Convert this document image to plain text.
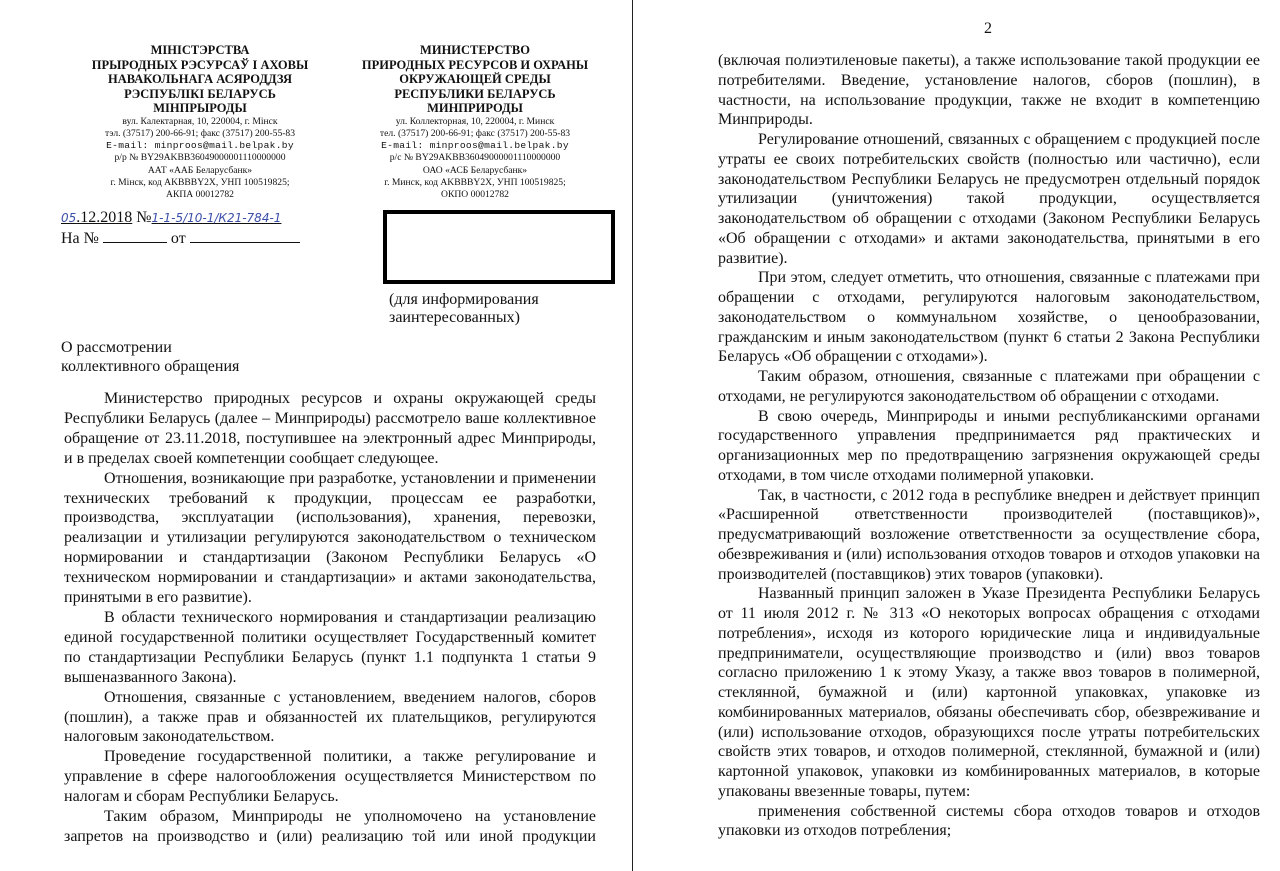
МІНІСТЭРСТВА
ПРЫРОДНЫХ РЭСУРСАЎ І АХОВЫ
НАВАКОЛЬНАГА АСЯРОДДЗЯ
РЭСПУБЛІКІ БЕЛАРУСЬ
МІНПРЫРОДЫ
вул. Калектарная, 10, 220004, г. Мінск
тэл. (37517) 200-66-91; факс (37517) 200-55-83
E-mail: minproos@mail.belpak.by
р/р № BY29AKBB36049000001110000000
ААТ «ААБ Беларусбанк»
г. Мінск, код AKBBBY2X, УНП 100519825;
АКПА 00012782
МИНИСТЕРСТВО
ПРИРОДНЫХ РЕСУРСОВ И ОХРАНЫ
ОКРУЖАЮЩЕЙ СРЕДЫ
РЕСПУБЛИКИ БЕЛАРУСЬ
МИНПРИРОДЫ
ул. Коллекторная, 10, 220004, г. Минск
тел. (37517) 200-66-91; факс (37517) 200-55-83
E-mail: minproos@mail.belpak.by
р/с № BY29AKBB36049000001110000000
ОАО «АСБ Беларусбанк»
г. Минск, код AKBBBY2X, УНП 100519825;
ОКПО 00012782
05.12.2018 №1-1-5/10-1/К21-784-1
На №	от
(для информирования
заинтересованных)
О рассмотрении
коллективного обращения

Министерство природных ресурсов и охраны окружающей среды Республики Беларусь (далее – Минприроды) рассмотрело ваше коллективное обращение от 23.11.2018, поступившее на электронный адрес Минприроды, и в пределах своей компетенции сообщает следующее.

Отношения, возникающие при разработке, установлении и применении технических требований к продукции, процессам ее разработки, производства, эксплуатации (использования), хранения, перевозки, реализации и утилизации регулируются законодательством о техническом нормировании и стандартизации (Законом Республики Беларусь «О техническом нормировании и стандартизации» и актами законодательства, принятыми в его развитие).

В области технического нормирования и стандартизации реализацию единой государственной политики осуществляет Государственный комитет по стандартизации Республики Беларусь (пункт 1.1 подпункта 1 статьи 9 вышеназванного Закона).

Отношения, связанные с установлением, введением налогов, сборов (пошлин), а также прав и обязанностей их плательщиков, регулируются налоговым законодательством.

Проведение государственной политики, а также регулирование и управление в сфере налогообложения осуществляется Министерством по налогам и сборам Республики Беларусь.

Таким образом, Минприроды не уполномочено на установление запретов на производство и (или) реализацию той или иной продукции

2

(включая полиэтиленовые пакеты), а также использование такой продукции ее потребителями. Введение, установление налогов, сборов (пошлин), в частности, на использование продукции, также не входит в компетенцию Минприроды.

Регулирование отношений, связанных с обращением с продукцией после утраты ее своих потребительских свойств (полностью или частично), если законодательством Республики Беларусь не предусмотрен отдельный порядок утилизации (уничтожения) такой продукции, осуществляется законодательством об обращении с отходами (Законом Республики Беларусь «Об обращении с отходами» и актами законодательства, принятыми в его развитие).

При этом, следует отметить, что отношения, связанные с платежами при обращении с отходами, регулируются налоговым законодательством, законодательством о коммунальном хозяйстве, о ценообразовании, гражданским и иным законодательством (пункт 6 статьи 2 Закона Республики Беларусь «Об обращении с отходами»).

Таким образом, отношения, связанные с платежами при обращении с отходами, не регулируются законодательством об обращении с отходами.

В свою очередь, Минприроды и иными республиканскими органами государственного управления предпринимается ряд практических и организационных мер по предотвращению загрязнения окружающей среды отходами, в том числе отходами полимерной упаковки.

Так, в частности, с 2012 года в республике внедрен и действует принцип «Расширенной ответственности производителей (поставщиков)», предусматривающий возложение ответственности за осуществление сбора, обезвреживания и (или) использования отходов товаров и отходов упаковки на производителей (поставщиков) этих товаров (упаковки).

Названный принцип заложен в Указе Президента Республики Беларусь от 11 июля 2012 г. № 313 «О некоторых вопросах обращения с отходами потребления», исходя из которого юридические лица и индивидуальные предприниматели, осуществляющие производство и (или) ввоз товаров согласно приложению 1 к этому Указу, а также ввоз товаров в полимерной, стеклянной, бумажной и (или) картонной упаковках, упаковке из комбинированных материалов, обязаны обеспечивать сбор, обезвреживание и (или) использование отходов, образующихся после утраты потребительских свойств этих товаров, и отходов полимерной, стеклянной, бумажной и (или) картонной упаковок, упаковки из комбинированных материалов, в которые упакованы ввезенные товары, путем:

применения собственной системы сбора отходов товаров и отходов упаковки из отходов потребления;
